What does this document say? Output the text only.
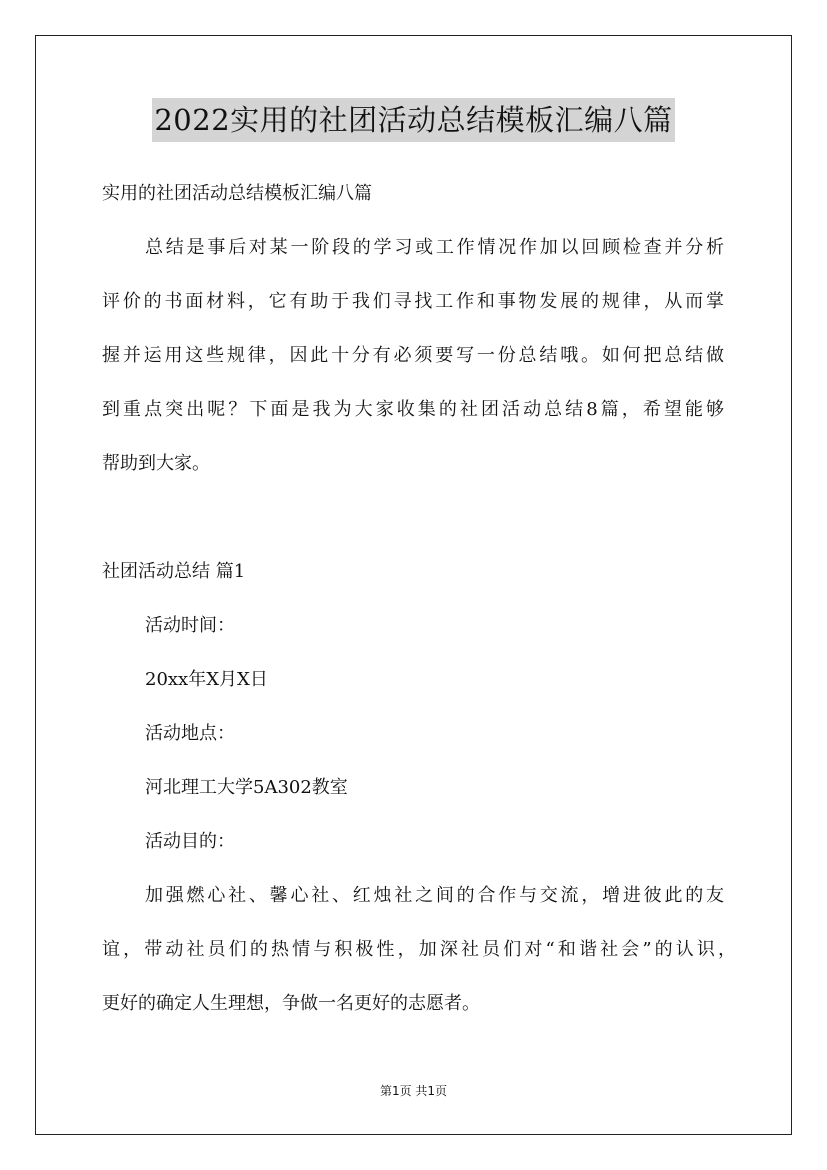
2022实用的社团活动总结模板汇编八篇
实用的社团活动总结模板汇编八篇
总结是事后对某一阶段的学习或工作情况作加以回顾检查并分析
评价的书面材料，它有助于我们寻找工作和事物发展的规律，从而掌
握并运用这些规律，因此十分有必须要写一份总结哦。如何把总结做
到重点突出呢？下面是我为大家收集的社团活动总结8篇，希望能够
帮助到大家。
社团活动总结 篇1
活动时间：
20xx年X月X日
活动地点：
河北理工大学5A302教室
活动目的：
加强燃心社、馨心社、红烛社之间的合作与交流，增进彼此的友
谊，带动社员们的热情与积极性，加深社员们对“和谐社会”的认识，
更好的确定人生理想，争做一名更好的志愿者。
第1页 共1页
